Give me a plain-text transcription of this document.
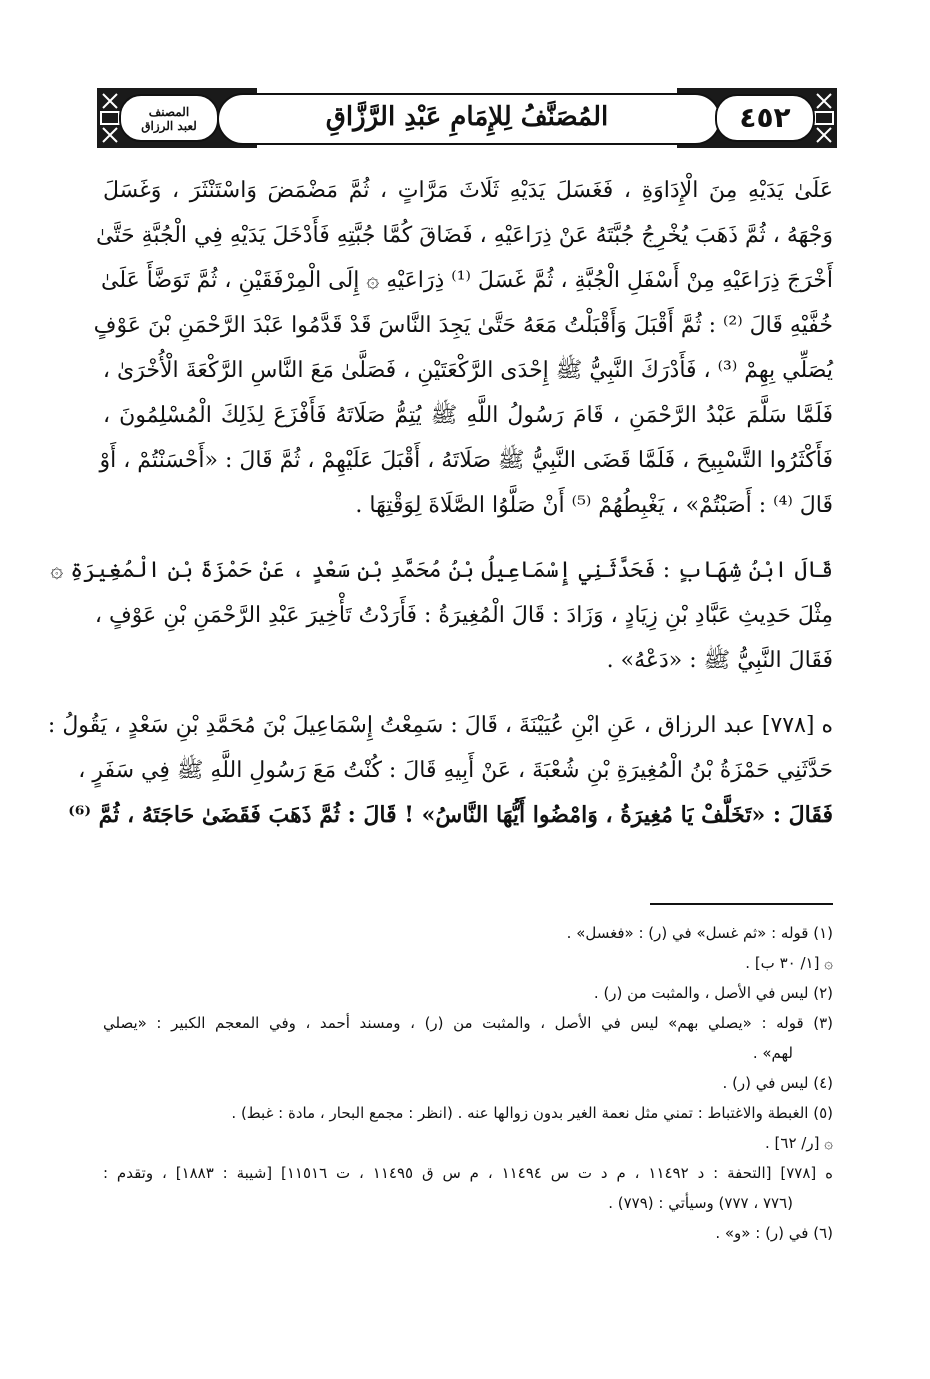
المُصَنَّفُ لِلإِمَامِ عَبْدِ الرَّزَّاقِ	٤٥٢
المصنف
لعبد الرزاق
عَلَىٰ يَدَيْهِ مِنَ الْإِدَاوَةِ ، فَغَسَلَ يَدَيْهِ ثَلَاثَ مَرَّاتٍ ، ثُمَّ مَضْمَضَ وَاسْتَنْثَرَ ، وَغَسَلَ
وَجْهَهُ ، ثُمَّ ذَهَبَ يُخْرِجُ جُبَّتَهُ عَنْ ذِرَاعَيْهِ ، فَضَاقَ كُمَّا جُبَّتِهِ فَأَدْخَلَ يَدَيْهِ فِي الْجُبَّةِ حَتَّىٰ
أَخْرَجَ ذِرَاعَيْهِ مِنْ أَسْفَلِ الْجُبَّةِ ، ثُمَّ غَسَلَ ⁽¹⁾ ذِرَاعَيْهِ ۞ إِلَى الْمِرْفَقَيْنِ ، ثُمَّ تَوَضَّأَ عَلَىٰ
خُفَّيْهِ قَالَ ⁽²⁾ : ثُمَّ أَقْبَلَ وَأَقْبَلْتُ مَعَهُ حَتَّىٰ يَجِدَ النَّاسَ قَدْ قَدَّمُوا عَبْدَ الرَّحْمَنِ بْنَ عَوْفٍ
يُصَلِّي بِهِمْ ⁽³⁾ ، فَأَدْرَكَ النَّبِيُّ ﷺ إِحْدَى الرَّكْعَتَيْنِ ، فَصَلَّىٰ مَعَ النَّاسِ الرَّكْعَةَ الْأُخْرَىٰ ،
فَلَمَّا سَلَّمَ عَبْدُ الرَّحْمَنِ ، قَامَ رَسُولُ اللَّهِ ﷺ يُتِمُّ صَلَاتَهُ فَأَفْزَعَ لِذَلِكَ الْمُسْلِمُونَ ،
فَأَكْثَرُوا التَّسْبِيحَ ، فَلَمَّا قَضَى النَّبِيُّ ﷺ صَلَاتَهُ ، أَقْبَلَ عَلَيْهِمْ ، ثُمَّ قَالَ : «أَحْسَنْتُمْ ، أَوْ
قَالَ ⁽⁴⁾ : أَصَبْتُمْ» ، يَغْبِطُهُمْ ⁽⁵⁾ أَنْ صَلَّوُا الصَّلَاةَ لِوَقْتِهَا .
قَالَ ابْنُ شِهَابٍ : فَحَدَّثَنِي إِسْمَاعِيلُ بْنُ مُحَمَّدِ بْنِ سَعْدٍ ، عَنْ حَمْزَةَ بْنِ الْمُغِيرَةِ ۞
مِثْلَ حَدِيثِ عَبَّادِ بْنِ زِيَادٍ ، وَزَادَ : قَالَ الْمُغِيرَةُ : فَأَرَدْتُ تَأْخِيرَ عَبْدِ الرَّحْمَنِ بْنِ عَوْفٍ ،
فَقَالَ النَّبِيُّ ﷺ : «دَعْهُ» .
ه [٧٧٨] عبد الرزاق ، عَنِ ابْنِ عُيَيْنَةَ ، قَالَ : سَمِعْتُ إِسْمَاعِيلَ بْنَ مُحَمَّدِ بْنِ سَعْدٍ ، يَقُولُ :
حَدَّثَنِي حَمْزَةُ بْنُ الْمُغِيرَةِ بْنِ شُعْبَةَ ، عَنْ أَبِيهِ قَالَ : كُنْتُ مَعَ رَسُولِ اللَّهِ ﷺ فِي سَفَرٍ ،
فَقَالَ : «تَخَلَّفْ يَا مُغِيرَةُ ، وَامْضُوا أَيُّهَا النَّاسُ» ! قَالَ : ثُمَّ ذَهَبَ فَقَضَىٰ حَاجَتَهُ ، ثُمَّ ⁽⁶⁾
(١) قوله : «ثم غسل» في (ر) : «فغسل» .
۞ [١/ ٣٠ ب] .
(٢) ليس في الأصل ، والمثبت من (ر) .
(٣) قوله : «يصلي بهم» ليس في الأصل ، والمثبت من (ر) ، ومسند أحمد ، وفي المعجم الكبير : «يصلي
لهم» .
(٤) ليس في (ر) .
(٥) الغبطة والاغتباط : تمني مثل نعمة الغير بدون زوالها عنه . (انظر : مجمع البحار ، مادة : غبط) .
۞ [ر/ ٦٢] .
ه [٧٧٨] [التحفة : د ١١٤٩٢ ، م د ت س ١١٤٩٤ ، م س ق ١١٤٩٥ ، ت ١١٥١٦] [شيبة : ١٨٨٣] ، وتقدم :
(٧٧٦ ، ٧٧٧) وسيأتي : (٧٧٩) .
(٦) في (ر) : «و» .
